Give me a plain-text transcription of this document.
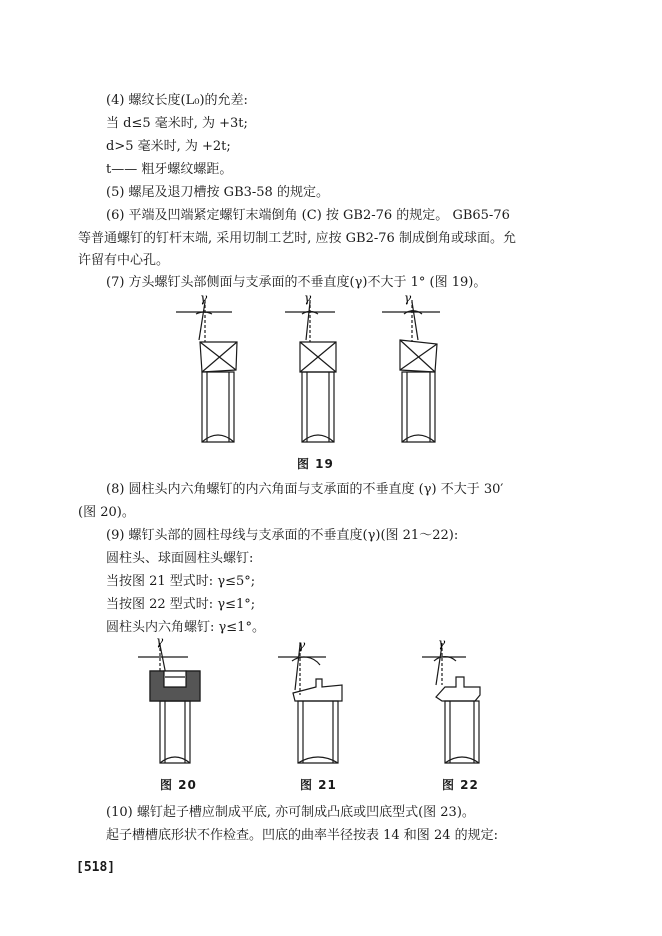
(4) 螺纹长度(L₀)的允差:
当 d≤5 毫米时, 为 +3t;
d>5 毫米时, 为 +2t;
t—— 粗牙螺纹螺距。
(5) 螺尾及退刀槽按 GB3-58 的规定。
(6) 平端及凹端紧定螺钉末端倒角 (C) 按 GB2-76 的规定。 GB65-76
等普通螺钉的钉杆末端, 采用切制工艺时, 应按 GB2-76 制成倒角或球面。允
许留有中心孔。
(7) 方头螺钉头部侧面与支承面的不垂直度(γ)不大于 1° (图 19)。
γ	γ	γ
图 19
(8) 圆柱头内六角螺钉的内六角面与支承面的不垂直度 (γ) 不大于 30′
(图 20)。
(9) 螺钉头部的圆柱母线与支承面的不垂直度(γ)(图 21～22):
圆柱头、球面圆柱头螺钉:
当按图 21 型式时: γ≤5°;
当按图 22 型式时: γ≤1°;
圆柱头内六角螺钉: γ≤1°。
γ	γ	γ
图 20	图 21	图 22
(10) 螺钉起子槽应制成平底, 亦可制成凸底或凹底型式(图 23)。
起子槽槽底形状不作检查。凹底的曲率半径按表 14 和图 24 的规定:
[518]
